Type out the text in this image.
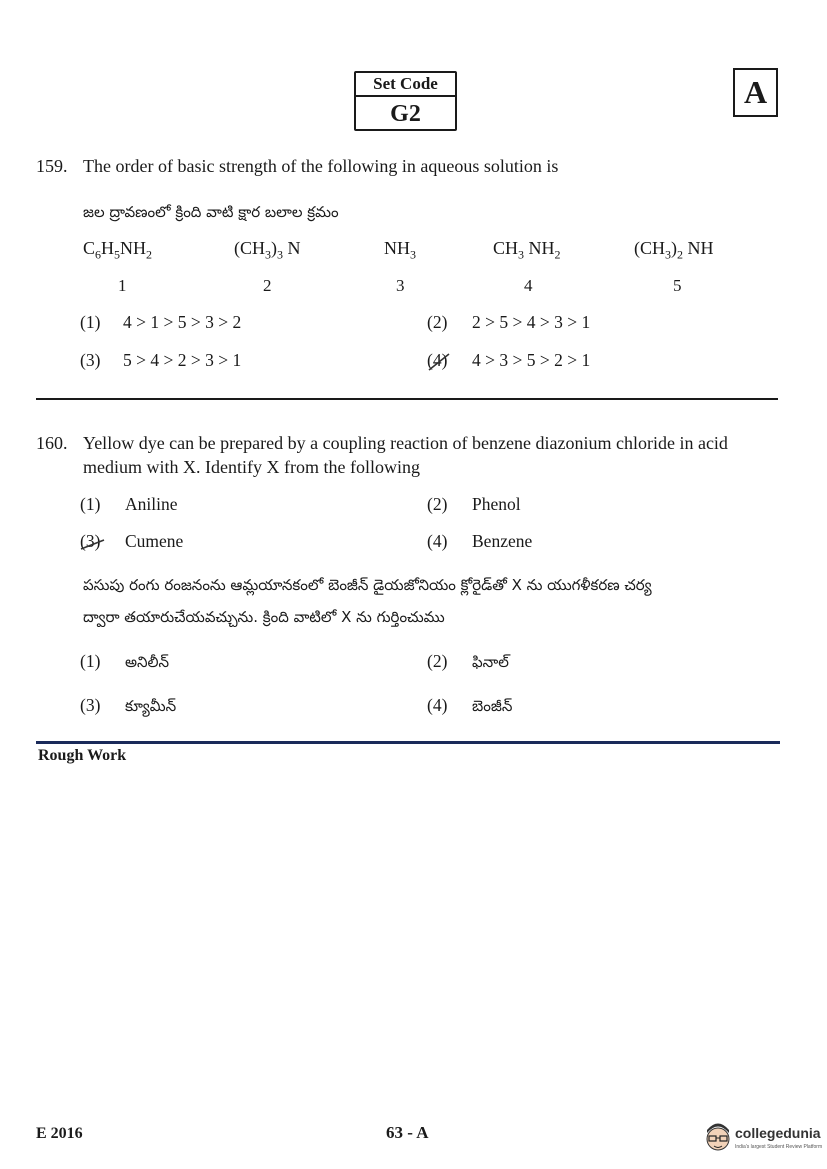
Set Code
G2
A
159. The order of basic strength of the following in aqueous solution is
జల ద్రావణంలో క్రింది వాటి క్షార బలాల క్రమం
$C_6H_5NH_2$	$(CH_3)_3$ N	$NH_3$	$CH_3$ $NH_2$	$(CH_3)_2$ NH
1	2	3	4	5
(1) 4 > 1 > 5 > 3 > 2	(2) 2 > 5 > 4 > 3 > 1
(3) 5 > 4 > 2 > 3 > 1	(4) 4 > 3 > 5 > 2 > 1
160. Yellow dye can be prepared by a coupling reaction of benzene diazonium chloride in acid
medium with X. Identify X from the following
(1) Aniline	(2) Phenol
(3) Cumene	(4) Benzene
పసుపు రంగు రంజనంను ఆమ్లయానకంలో బెంజీన్ డైయజోనియం క్లోరైడ్‌తో X ను యుగళీకరణ చర్య
ద్వారా తయారుచేయవచ్చును. క్రింది వాటిలో X ను గుర్తించుము
(1) అనిలీన్	(2) ఫినాల్
(3) క్యూమీన్	(4) బెంజీన్
Rough Work
E 2016	63 - A	collegedunia
India's largest Student Review Platform
